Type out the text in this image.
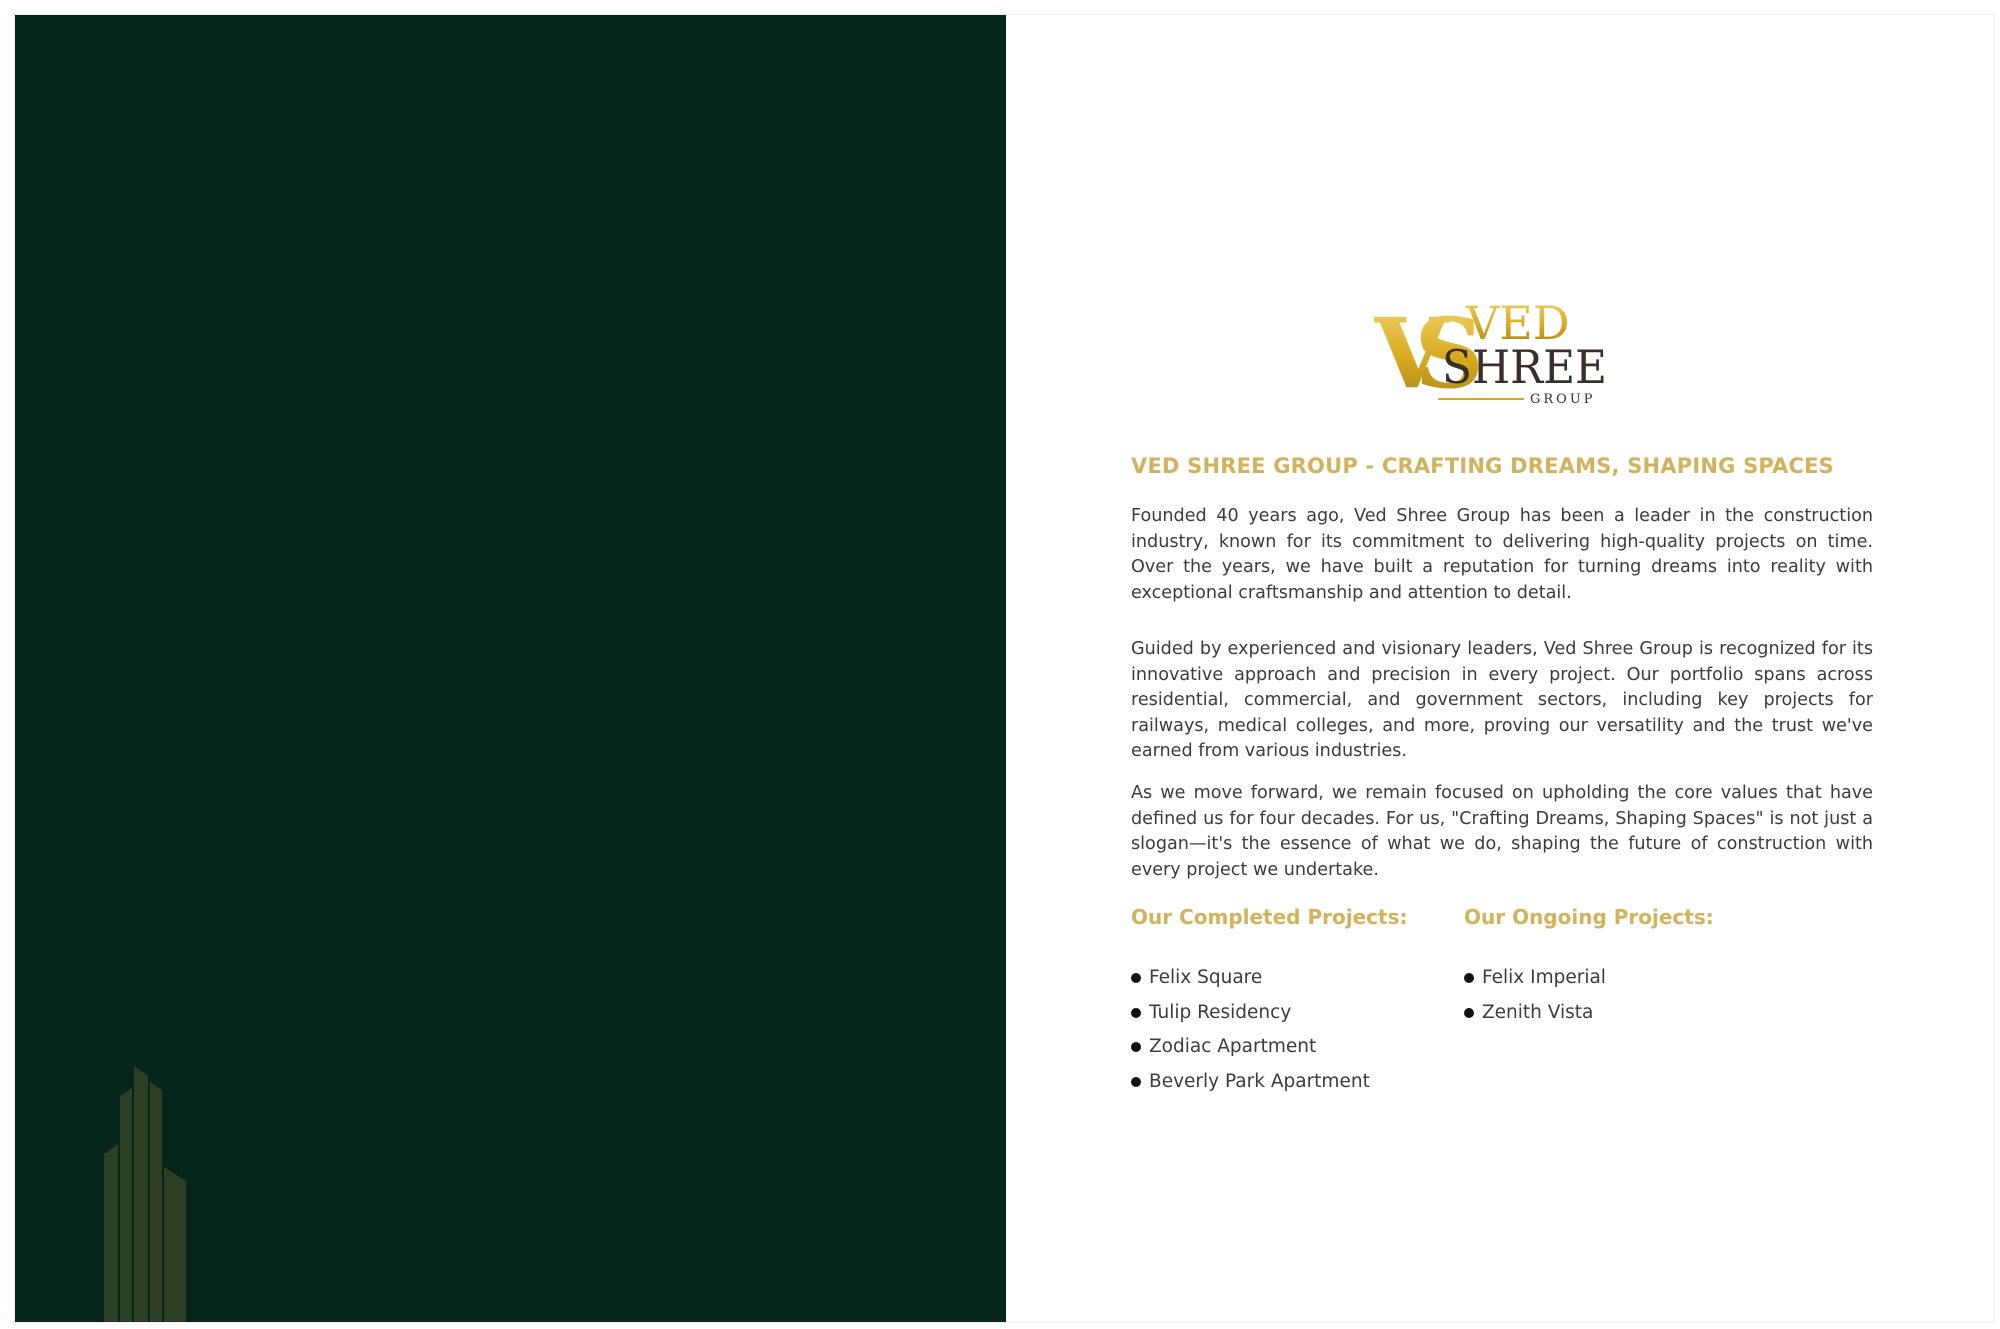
VS VED
SHREE
GROUP
VED SHREE GROUP - CRAFTING DREAMS, SHAPING SPACES

Founded 40 years ago, Ved Shree Group has been a leader in the construction industry, known for its commitment to delivering high-quality projects on time. Over the years, we have built a reputation for turning dreams into reality with exceptional craftsmanship and attention to detail.

Guided by experienced and visionary leaders, Ved Shree Group is recognized for its innovative approach and precision in every project. Our portfolio spans across residential, commercial, and government sectors, including key projects for railways, medical colleges, and more, proving our versatility and the trust we've earned from various industries.

As we move forward, we remain focused on upholding the core values that have defined us for four decades. For us, "Crafting Dreams, Shaping Spaces" is not just a slogan—it's the essence of what we do, shaping the future of construction with every project we undertake.

Our Completed Projects:	Our Ongoing Projects:
Felix Square
Tulip Residency
Zodiac Apartment
Beverly Park Apartment
Felix Imperial
Zenith Vista
